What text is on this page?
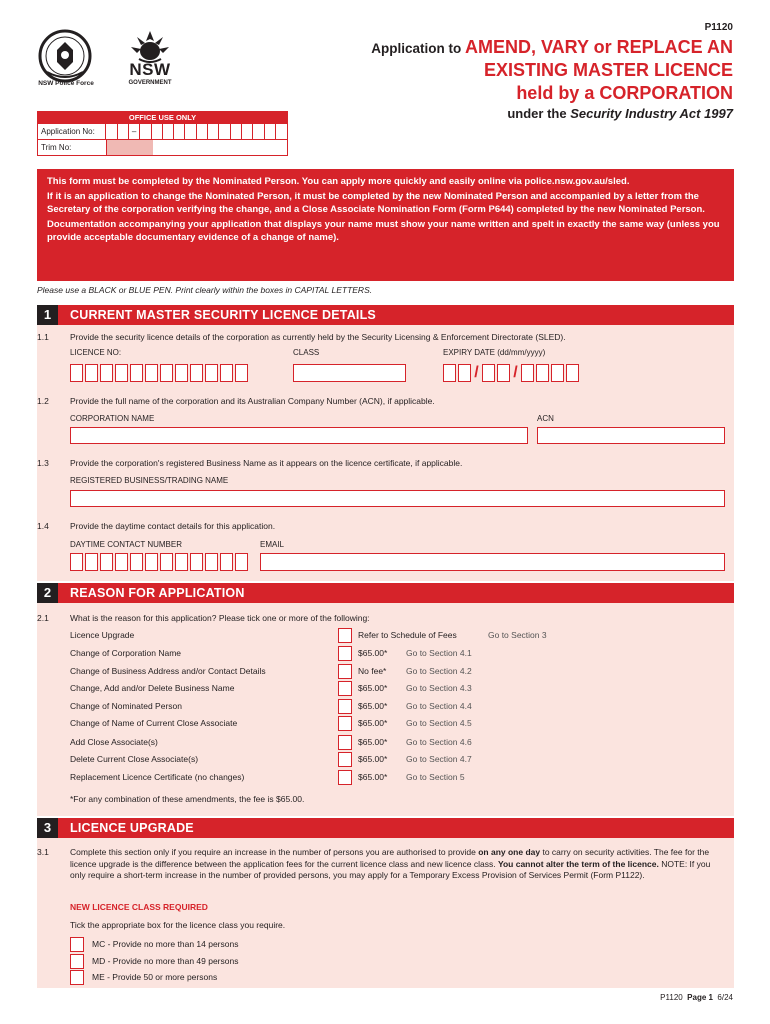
P1120
NSW Police Force
NSW
GOVERNMENT
Application to AMEND, VARY or REPLACE AN
EXISTING MASTER LICENCE
held by a CORPORATION
under the Security Industry Act 1997
OFFICE USE ONLY
Application No:	–
Trim No:

This form must be completed by the Nominated Person. You can apply more quickly and easily online via police.nsw.gov.au/sled.

If it is an application to change the Nominated Person, it must be completed by the new Nominated Person and accompanied by a letter from the Secretary of the corporation verifying the change, and a Close Associate Nomination Form (Form P644) completed by the new Nominated Person.

Documentation accompanying your application that displays your name must show your name written and spelt in exactly the same way (unless you provide acceptable documentary evidence of a change of name).

Please use a BLACK or BLUE PEN. Print clearly within the boxes in CAPITAL LETTERS.
1	CURRENT MASTER SECURITY LICENCE DETAILS
1.1 Provide the security licence details of the corporation as currently held by the Security Licensing & Enforcement Directorate (SLED).
LICENCE NO:	CLASS	EXPIRY DATE (dd/mm/yyyy)
/ /
1.2 Provide the full name of the corporation and its Australian Company Number (ACN), if applicable.
CORPORATION NAME	ACN
1.3 Provide the corporation's registered Business Name as it appears on the licence certificate, if applicable.
REGISTERED BUSINESS/TRADING NAME
1.4 Provide the daytime contact details for this application.
DAYTIME CONTACT NUMBER	EMAIL
2	REASON FOR APPLICATION
2.1 What is the reason for this application? Please tick one or more of the following:
Licence Upgrade	Refer to Schedule of Fees	Go to Section 3
Change of Corporation Name	$65.00* Go to Section 4.1
Change of Business Address and/or Contact Details	No fee* Go to Section 4.2
Change, Add and/or Delete Business Name	$65.00* Go to Section 4.3
Change of Nominated Person	$65.00* Go to Section 4.4
Change of Name of Current Close Associate	$65.00* Go to Section 4.5
Add Close Associate(s)	$65.00* Go to Section 4.6
Delete Current Close Associate(s)	$65.00* Go to Section 4.7
Replacement Licence Certificate (no changes)	$65.00* Go to Section 5
*For any combination of these amendments, the fee is $65.00.
3	LICENCE UPGRADE
3.1 Complete this section only if you require an increase in the number of persons you are authorised to provide on any one day to carry on security activities. The fee for the licence upgrade is the difference between the application fees for the current licence class and new licence class. You cannot alter the term of the licence. NOTE: If you only require a short-term increase in the number of provided persons, you may apply for a Temporary Excess Provision of Services Permit (Form P1122).
NEW LICENCE CLASS REQUIRED
Tick the appropriate box for the licence class you require.
MC - Provide no more than 14 persons
MD - Provide no more than 49 persons
ME - Provide 50 or more persons
P1120 Page 1 6/24
